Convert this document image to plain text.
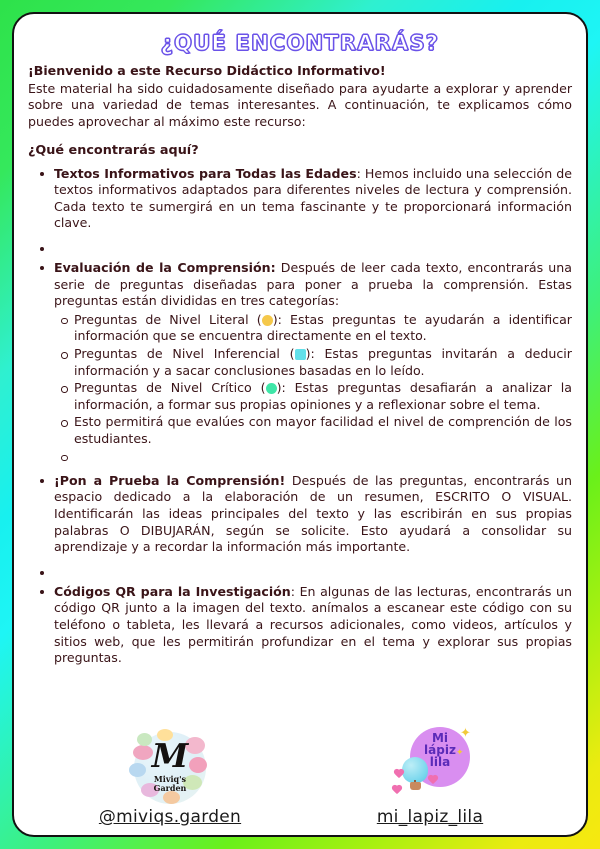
¿QUÉ ENCONTRARÁS?
¡Bienvenido a este Recurso Didáctico Informativo!
Este material ha sido cuidadosamente diseñado para ayudarte a explorar y aprender sobre una variedad de temas interesantes. A continuación, te explicamos cómo puedes aprovechar al máximo este recurso:
¿Qué encontrarás aquí?
Textos Informativos para Todas las Edades: Hemos incluido una selección de textos informativos adaptados para diferentes niveles de lectura y comprensión. Cada texto te sumergirá en un tema fascinante y te proporcionará información clave.
Evaluación de la Comprensión: Después de leer cada texto, encontrarás una serie de preguntas diseñadas para poner a prueba la comprensión. Estas preguntas están divididas en tres categorías:
Preguntas de Nivel Literal ( ): Estas preguntas te ayudarán a identificar información que se encuentra directamente en el texto.
Preguntas de Nivel Inferencial ( ): Estas preguntas invitarán a deducir información y a sacar conclusiones basadas en lo leído.
Preguntas de Nivel Crítico ( ): Estas preguntas desafiarán a analizar la información, a formar sus propias opiniones y a reflexionar sobre el tema.
Esto permitirá que evalúes con mayor facilidad el nivel de comprención de los estudiantes.
¡Pon a Prueba la Comprensión! Después de las preguntas, encontrarás un espacio dedicado a la elaboración de un resumen, ESCRITO O VISUAL. Identificarán las ideas principales del texto y las escribirán en sus propias palabras O DIBUJARÁN, según se solicite. Esto ayudará a consolidar su aprendizaje y a recordar la información más importante.
Códigos QR para la Investigación: En algunas de las lecturas, encontrarás un código QR junto a la imagen del texto. anímalos a escanear este código con su teléfono o tableta, les llevará a recursos adicionales, como videos, artículos y sitios web, que les permitirán profundizar en el tema y explorar sus propias preguntas.
M
Miviq's
Garden
@miviqs.garden
Mi
lápiz
lila
✦
✦
mi_lapiz_lila
